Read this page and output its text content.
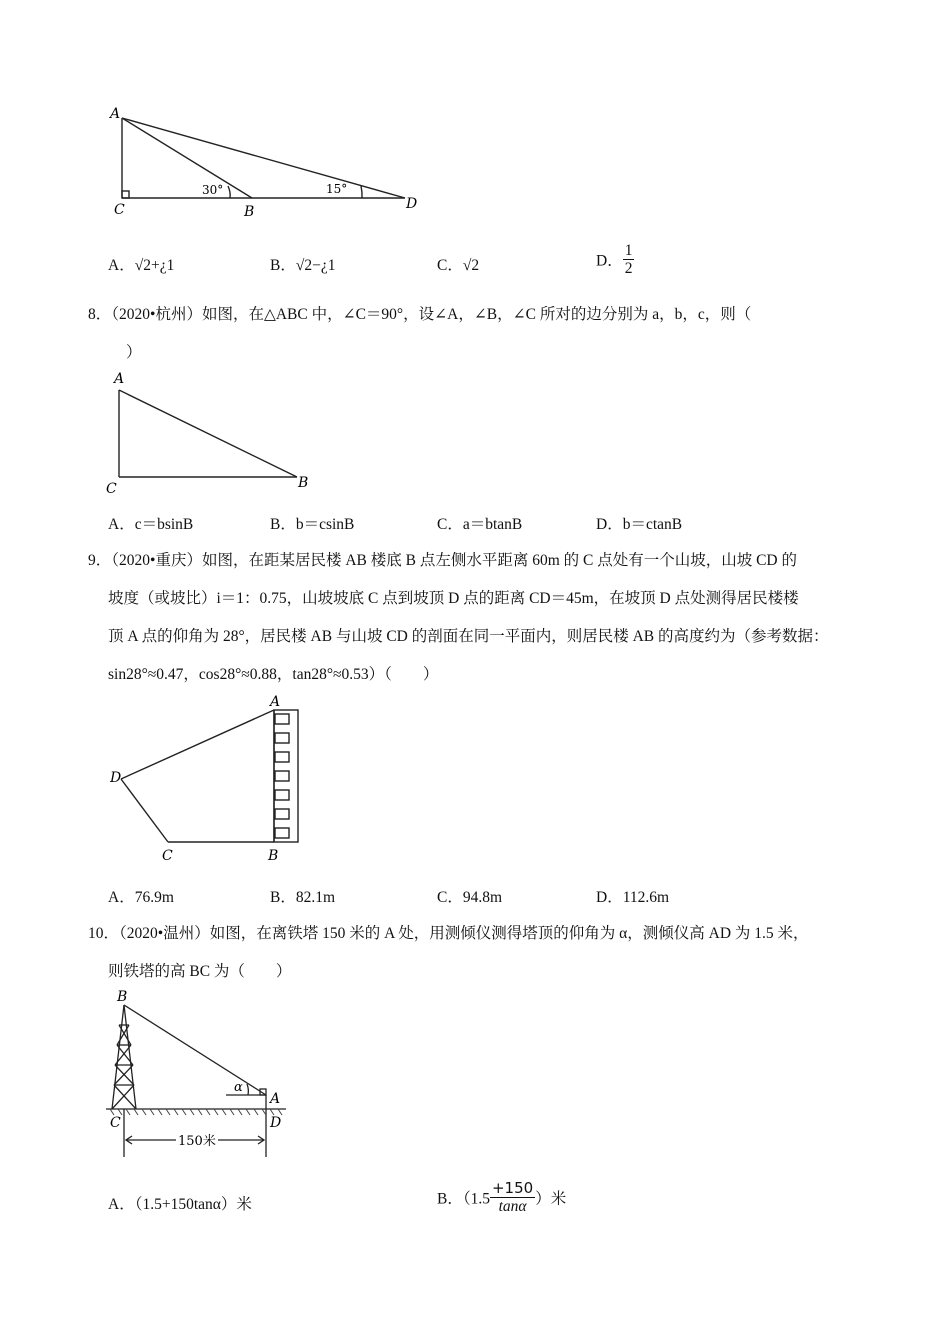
A
C	B	D
30°	15°
A．√2+¿1	B．√2−¿1	C．√2	D． $\frac{1}{2}$
8．（2020•杭州）如图，在△ABC 中，∠C＝90°，设∠A，∠B，∠C 所对的边分别为 a，b，c，则（
）
A
C	B
A．c＝bsinB	B．b＝csinB	C．a＝btanB	D．b＝ctanB
9．（2020•重庆）如图，在距某居民楼 AB 楼底 B 点左侧水平距离 60m 的 C 点处有一个山坡，山坡 CD 的
坡度（或坡比）i＝1：0.75，山坡坡底 C 点到坡顶 D 点的距离 CD＝45m，在坡顶 D 点处测得居民楼楼
顶 A 点的仰角为 28°，居民楼 AB 与山坡 CD 的剖面在同一平面内，则居民楼 AB 的高度约为（参考数据：
sin28°≈0.47，cos28°≈0.88，tan28°≈0.53）（　　）
A
D
C	B
A．76.9m	B．82.1m	C．94.8m	D．112.6m
10．（2020•温州）如图，在离铁塔 150 米的 A 处，用测倾仪测得塔顶的仰角为 α，测倾仪高 AD 为 1.5 米，
则铁塔的高 BC 为（　　）
B
α
A
C	D
150米
A．（1.5+150tanα）米	B．（$1.5 \frac{+150}{\tan\alpha}$ ）米
